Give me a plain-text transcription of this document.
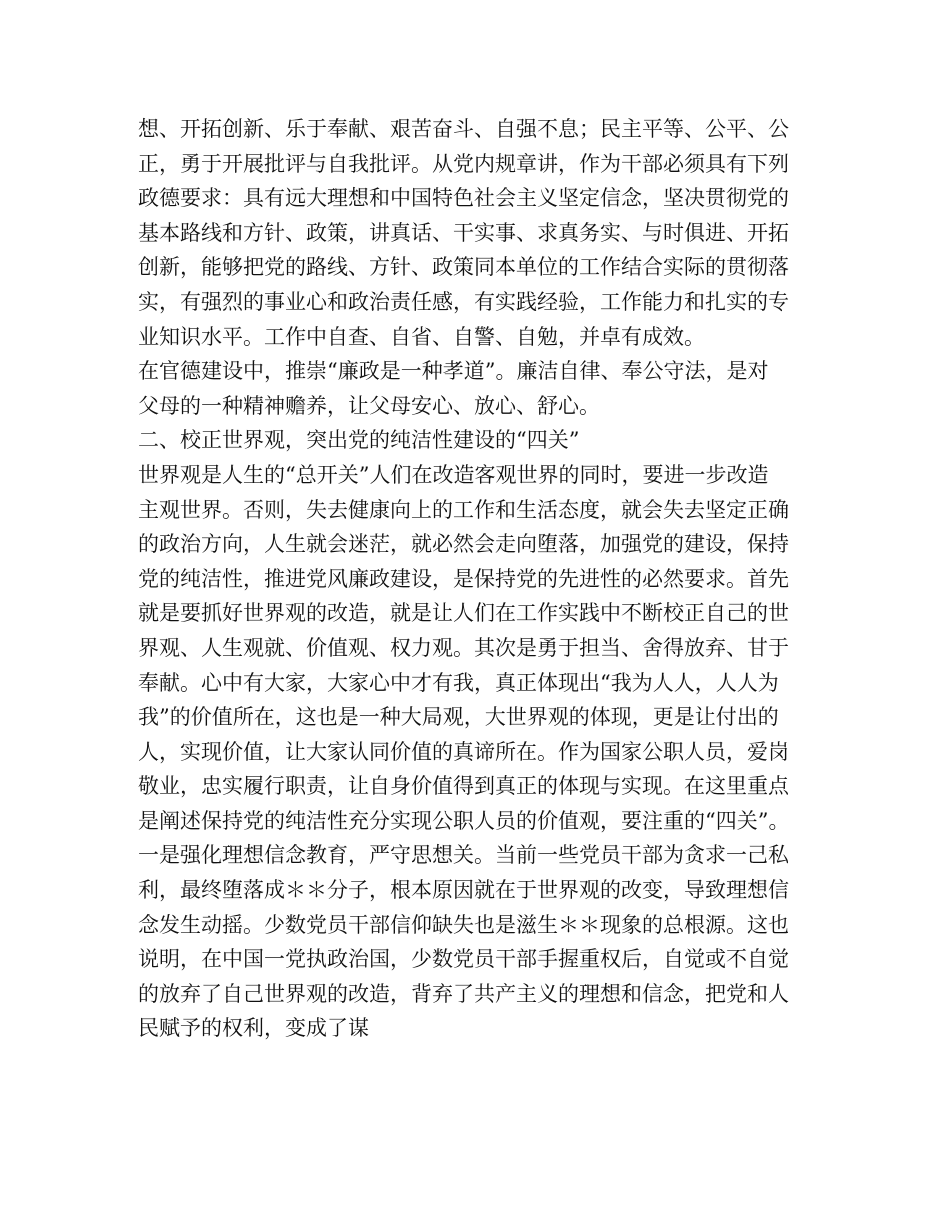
想、开拓创新、乐于奉献、艰苦奋斗、自强不息；民主平等、公平、公
正，勇于开展批评与自我批评。从党内规章讲，作为干部必须具有下列
政德要求：具有远大理想和中国特色社会主义坚定信念，坚决贯彻党的
基本路线和方针、政策，讲真话、干实事、求真务实、与时俱进、开拓
创新，能够把党的路线、方针、政策同本单位的工作结合实际的贯彻落
实，有强烈的事业心和政治责任感，有实践经验，工作能力和扎实的专
业知识水平。工作中自查、自省、自警、自勉，并卓有成效。
在官德建设中，推崇“廉政是一种孝道”。廉洁自律、奉公守法，是对
父母的一种精神赡养，让父母安心、放心、舒心。
二、校正世界观，突出党的纯洁性建设的“四关”
世界观是人生的“总开关”人们在改造客观世界的同时，要进一步改造
主观世界。否则，失去健康向上的工作和生活态度，就会失去坚定正确
的政治方向，人生就会迷茫，就必然会走向堕落，加强党的建设，保持
党的纯洁性，推进党风廉政建设，是保持党的先进性的必然要求。首先
就是要抓好世界观的改造，就是让人们在工作实践中不断校正自己的世
界观、人生观就、价值观、权力观。其次是勇于担当、舍得放弃、甘于
奉献。心中有大家，大家心中才有我，真正体现出“我为人人，人人为
我”的价值所在，这也是一种大局观，大世界观的体现，更是让付出的
人，实现价值，让大家认同价值的真谛所在。作为国家公职人员，爱岗
敬业，忠实履行职责，让自身价值得到真正的体现与实现。在这里重点
是阐述保持党的纯洁性充分实现公职人员的价值观，要注重的“四关”。
一是强化理想信念教育，严守思想关。当前一些党员干部为贪求一己私
利，最终堕落成＊＊分子，根本原因就在于世界观的改变，导致理想信
念发生动摇。少数党员干部信仰缺失也是滋生＊＊现象的总根源。这也
说明，在中国一党执政治国，少数党员干部手握重权后，自觉或不自觉
的放弃了自己世界观的改造，背弃了共产主义的理想和信念，把党和人
民赋予的权利，变成了谋
